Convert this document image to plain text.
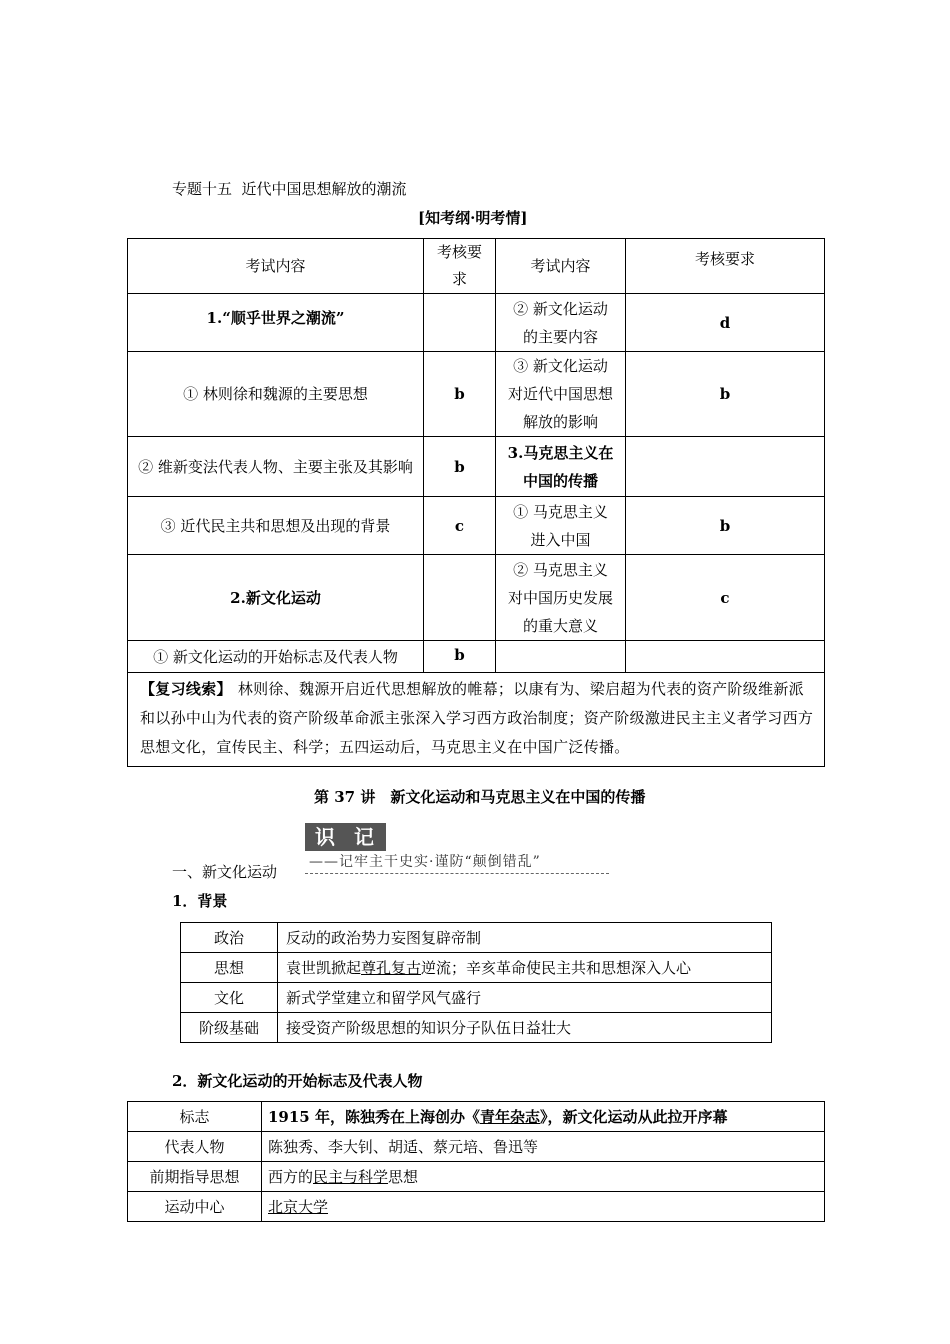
专题十五  近代中国思想解放的潮流
[知考纲·明考情]
考试内容	考核要求	考试内容	考核要求
1.“顺乎世界之潮流”		② 新文化运动的主要内容	d
① 林则徐和魏源的主要思想	b	③ 新文化运动对近代中国思想解放的影响	b

② 维新变法代表人物、主要主张及其影响	b	3.马克思主义在中国的传播	

③ 近代民主共和思想及出现的背景	c	① 马克思主义进入中国	b
2.新文化运动		② 马克思主义对中国历史发展的重大意义	c
① 新文化运动的开始标志及代表人物	b		
【复习线索】 林则徐、魏源开启近代思想解放的帷幕；以康有为、梁启超为代表的资产阶级维新派和以孙中山为代表的资产阶级革命派主张深入学习西方政治制度；资产阶级激进民主主义者学习西方思想文化，宣传民主、科学；五四运动后，马克思主义在中国广泛传播。			
第 37 讲　新文化运动和马克思主义在中国的传播
识 记——记牢主干史实·谨防“颠倒错乱”
一、新文化运动
1．背景
政治	反动的政治势力妄图复辟帝制
思想	袁世凯掀起尊孔复古逆流；辛亥革命使民主共和思想深入人心
文化	新式学堂建立和留学风气盛行
阶级基础	接受资产阶级思想的知识分子队伍日益壮大
2．新文化运动的开始标志及代表人物
标志	1915 年，陈独秀在上海创办《青年杂志》，新文化运动从此拉开序幕
代表人物	陈独秀、李大钊、胡适、蔡元培、鲁迅等
前期指导思想	西方的民主与科学思想
运动中心	北京大学
